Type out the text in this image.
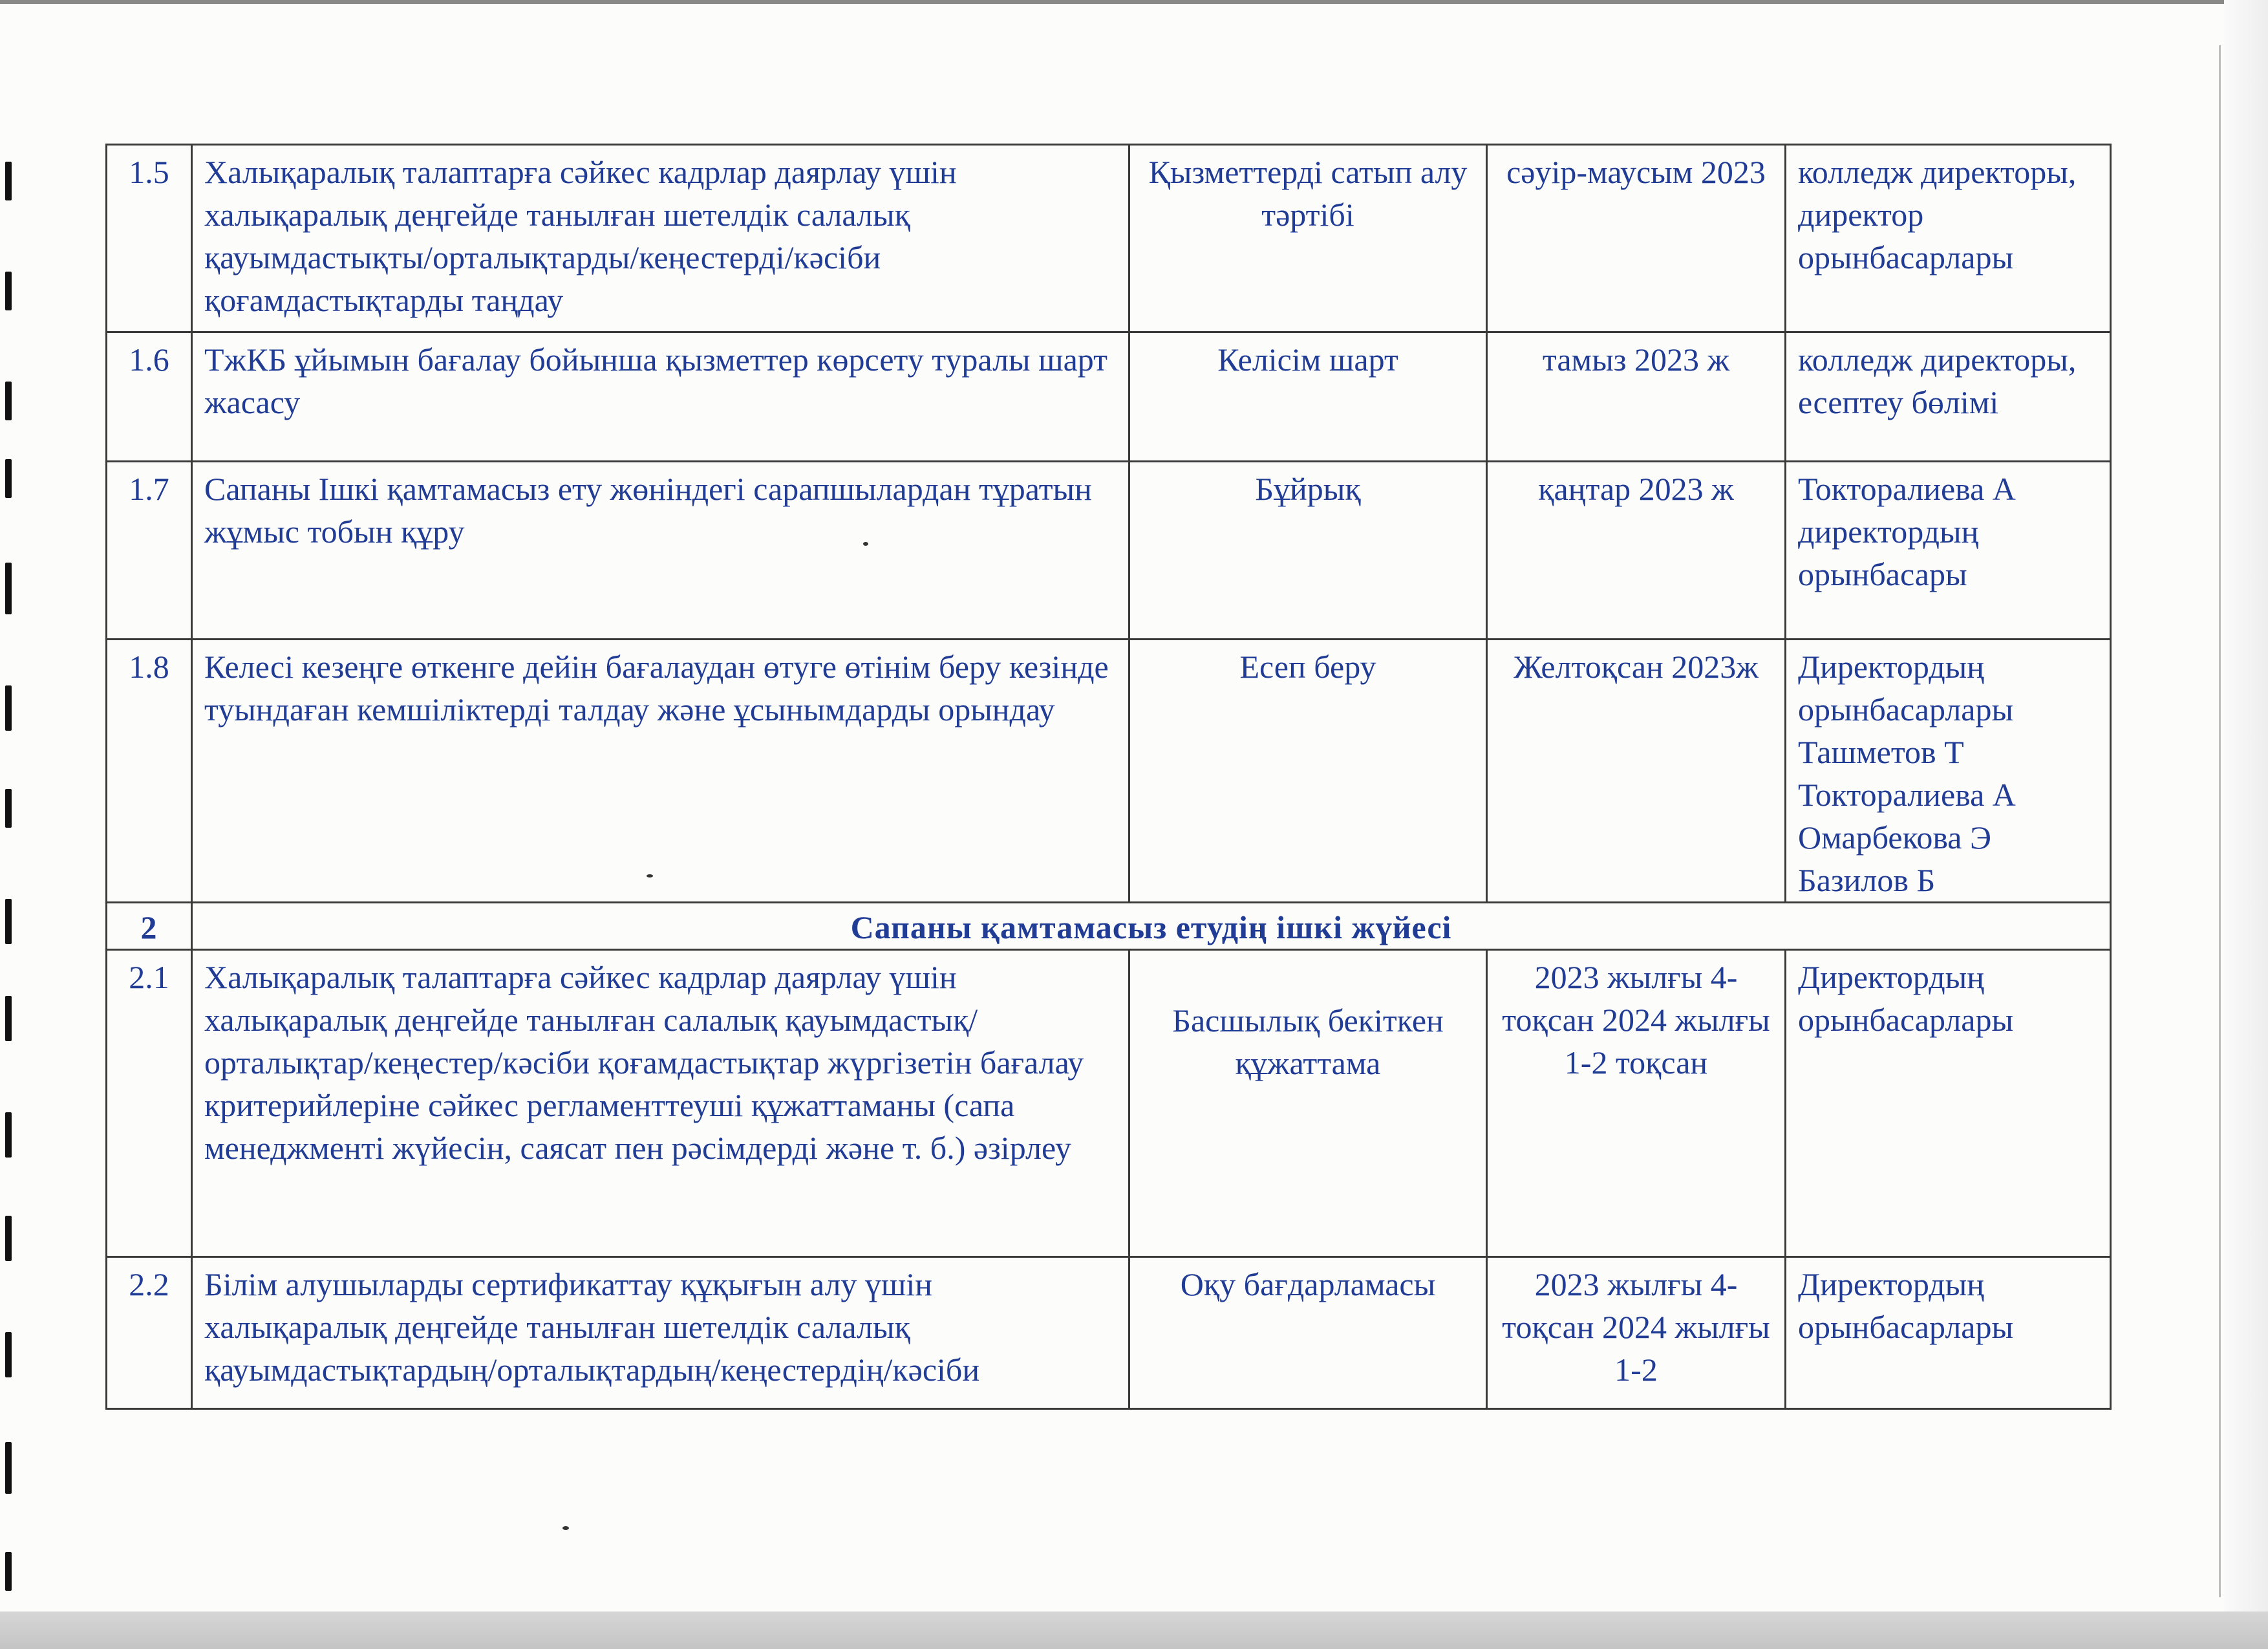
1.5	Халықаралық талаптарға сәйкес кадрлар даярлау үшін халықаралық деңгейде танылған шетелдік салалық қауымдастықты/орталықтарды/кеңестерді/кәсіби қоғамдастықтарды таңдау	Қызметтерді сатып алу тәртібі	сәуір-маусым 2023	колледж директоры, директор орынбасарлары
1.6	ТжКБ ұйымын бағалау бойынша қызметтер көрсету туралы шарт жасасу	Келісім шарт	тамыз 2023 ж	колледж директоры, есептеу бөлімі
1.7	Сапаны Ішкі қамтамасыз ету жөніндегі сарапшылардан тұратын жұмыс тобын құру	Бұйрық	қаңтар 2023 ж	Токторалиева А директордың орынбасары
1.8	Келесі кезеңге өткенге дейін бағалаудан өтуге өтінім беру кезінде туындаған кемшіліктерді талдау және ұсынымдарды орындау	Есеп беру	Желтоқсан 2023ж	Директордың орынбасарлары Ташметов Т Токторалиева А Омарбекова Э Базилов Б
2	Сапаны қамтамасыз етудің ішкі жүйесі			
2.1	Халықаралық талаптарға сәйкес кадрлар даярлау үшін халықаралық деңгейде танылған салалық қауымдастық/орталықтар/кеңестер/кәсіби қоғамдастықтар жүргізетін бағалау критерийлеріне сәйкес регламенттеуші құжаттаманы (сапа менеджменті жүйесін, саясат пен рәсімдерді және т. б.) әзірлеу	Басшылық бекіткен құжаттама	2023 жылғы 4-тоқсан 2024 жылғы 1-2 тоқсан	Директордың орынбасарлары
2.2	Білім алушыларды сертификаттау құқығын алу үшін халықаралық деңгейде танылған шетелдік салалық қауымдастықтардың/орталықтардың/кеңестердің/кәсіби	Оқу бағдарламасы	2023 жылғы 4-тоқсан 2024 жылғы 1-2	Директордың орынбасарлары
